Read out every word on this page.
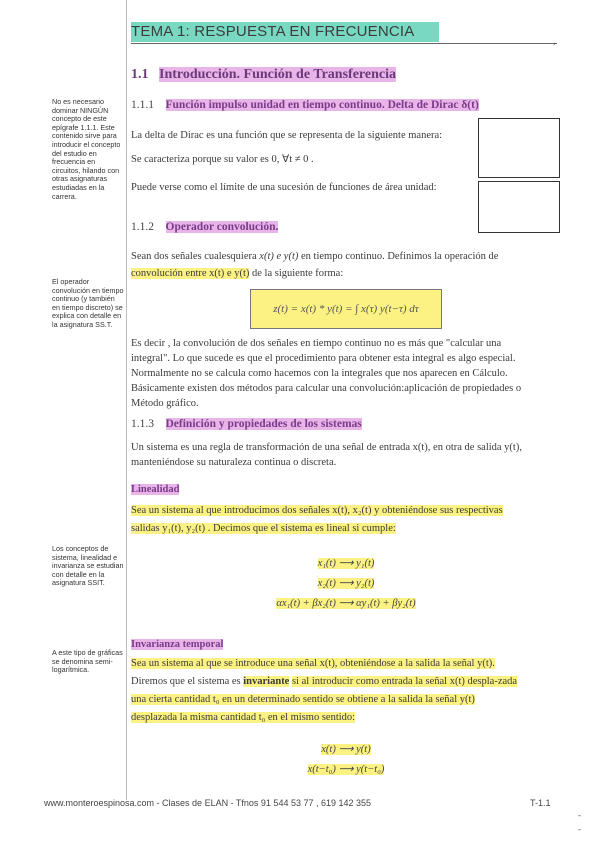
TEMA 1: RESPUESTA EN FRECUENCIA
,
1.1 Introducción. Función de Transferencia
1.1.1 Función impulso unidad en tiempo continuo. Delta de Dirac δ(t)
La delta de Dirac es una función que se representa de la siguiente manera:
Se caracteriza porque su valor es 0, ∀t ≠ 0 .
Puede verse como el límite de una sucesión de funciones de área unidad:
1.1.2 Operador convolución.
Sean dos señales cualesquiera x(t) e y(t) en tiempo continuo. Definimos la operación de
convolución entre x(t) e y(t) de la siguiente forma:
z(t) = x(t) * y(t) = ∫ x(τ) y(t−τ) dτ
Es decir , la convolución de dos señales en tiempo continuo no es más que "calcular una
integral". Lo que sucede es que el procedimiento para obtener esta integral es algo especial.
Normalmente no se calcula como hacemos con la integrales que nos aparecen en Cálculo.
Básicamente existen dos métodos para calcular una convolución:aplicación de propiedades o
Método gráfico.
1.1.3 Definición y propiedades de los sistemas
Un sistema es una regla de transformación de una señal de entrada x(t), en otra de salida y(t),
manteniéndose su naturaleza continua o discreta.
Linealidad
Sea un sistema al que introducimos dos señales x(t), x₂(t) y obteniéndose sus respectivas
salidas y₁(t), y₂(t) . Decimos que el sistema es lineal si cumple:
x₁(t) ⟶ y₁(t)
x₂(t) ⟶ y₂(t)
αx₁(t) + βx₂(t) ⟶ αy₁(t) + βy₂(t)
Invarianza temporal
Sea un sistema al que se introduce una señal x(t), obteniéndose a la salida la señal y(t).
Diremos que el sistema es invariante si al introducir como entrada la señal x(t) despla-zada
una cierta cantidad t₀ en un determinado sentido se obtiene a la salida la señal y(t)
desplazada la misma cantidad t₀ en el mismo sentido:
x(t) ⟶ y(t)
x(t−t₀) ⟶ y(t−t₀)
No es necesario dominar NINGÚN concepto de este epígrafe 1.1.1. Este contenido sirve para introducir el concepto del estudio en frecuencia en circuitos, hilando con otras asignaturas estudiadas en la carrera.
El operador convolución en tiempo continuo (y también en tiempo discreto) se explica con detalle en la asignatura SS.T.
Los conceptos de sistema, linealidad e invarianza se estudian con detalle en la asignatura SSIT.
A este tipo de gráficas se denomina semi-logarítmica.
www.monteroespinosa.com - Clases de ELAN - Tfnos 91 544 53 77 , 619 142 355	T-1.1
-
-
